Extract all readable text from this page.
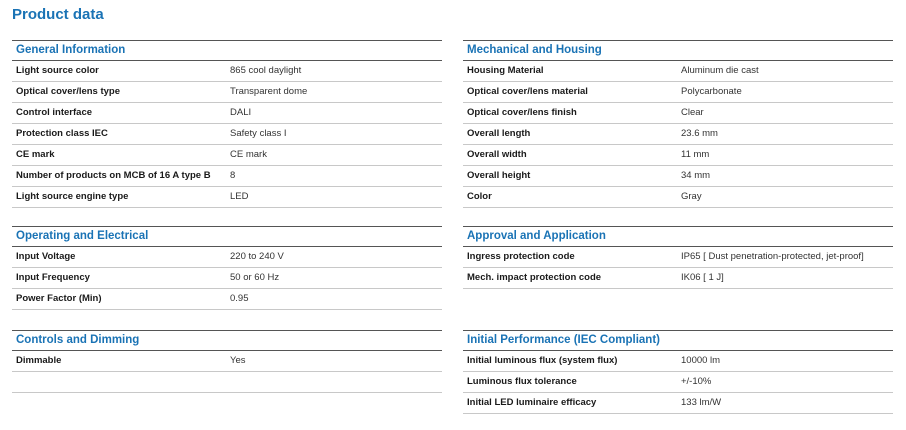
Product data
General Information
Light source color	865 cool daylight
Optical cover/lens type	Transparent dome
Control interface	DALI
Protection class IEC	Safety class I
CE mark	CE mark
Number of products on MCB of 16 A type B	8
Light source engine type	LED
Mechanical and Housing
Housing Material	Aluminum die cast
Optical cover/lens material	Polycarbonate
Optical cover/lens finish	Clear
Overall length	23.6 mm
Overall width	11 mm
Overall height	34 mm
Color	Gray
Operating and Electrical
Input Voltage	220 to 240 V
Input Frequency	50 or 60 Hz
Power Factor (Min)	0.95
Approval and Application
Ingress protection code	IP65 [ Dust penetration-protected, jet-proof]
Mech. impact protection code	IK06 [ 1 J]
Controls and Dimming
Dimmable	Yes
Initial Performance (IEC Compliant)
Initial luminous flux (system flux)	10000 lm
Luminous flux tolerance	+/-10%
Initial LED luminaire efficacy	133 lm/W
